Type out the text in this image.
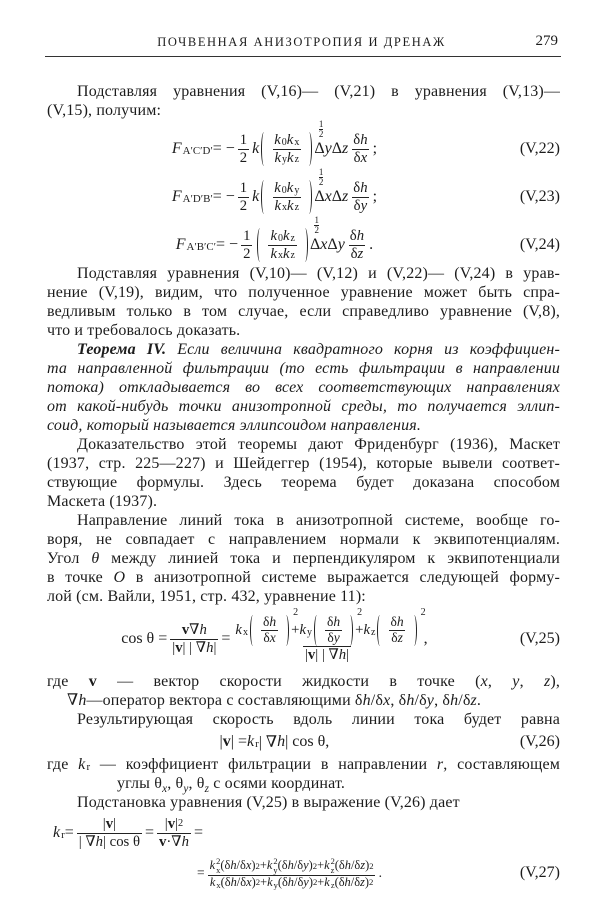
ПОЧВЕННАЯ АНИЗОТРОПИЯ И ДРЕНАЖ	279
Подставляя уравнения (V,16)— (V,21) в уравнения (V,13)—
(V,15), получим:
F A′C′D′ = − $\frac{1}{2}$ k $\frac{\text{k 0 k x}}{\text{k y k z}}$
$\frac{1}{2}$
Δ y Δ z $\frac{\text{δ h}}{\text{δ x}}$ ;	(V,22)
F A′D′B′ = − $\frac{1}{2}$ k $\frac{\text{k 0 k y}}{\text{k x k z}}$
$\frac{1}{2}$
Δ x Δ z $\frac{\text{δ h}}{\text{δ y}}$ ;	(V,23)
F A′B′C′ = − $\frac{1}{2} \frac{\text{k 0 k z}}{\text{k x k z}}$
$\frac{1}{2}$
Δ x Δ y $\frac{\text{δ h}}{\text{δ z}}$ .	(V,24)
Подставляя уравнения (V,10)— (V,12) и (V,22)— (V,24) в урав-
нение (V,19), видим, что полученное уравнение может быть спра-
ведливым только в том случае, если справедливо уравнение (V,8),
что и требовалось доказать.
Теорема IV. Если величина квадратного корня из коэффициен-
та направленной фильтрации (то есть фильтрации в направлении
потока) откладывается во всех соответствующих направлениях
от какой-нибудь точки анизотропной среды, то получается эллип-
соид, который называется эллипсоидом направления.
Доказательство этой теоремы дают Фриденбург (1936), Маскет
(1937, стр. 225—227) и Шейдеггер (1954), которые вывели соответ-
ствующие формулы. Здесь теорема будет доказана способом
Маскета (1937).
Направление линий тока в анизотропной системе, вообще го-
воря, не совпадает с направлением нормали к эквипотенциалям.
Угол θ между линией тока и перпендикуляром к эквипотенциали
в точке O в анизотропной системе выражается следующей форму-
лой (см. Вайли, 1951, стр. 432, уравнение 11):
$\cos \theta = \frac{v \nabla h}{| v | | \nabla h |} = k$ x $\frac{\text{δ h}}{\text{δ x}}$
2
+ k y $\frac{\text{δ h}}{\text{δ y}}$
2
+ k z $\frac{\text{δ h}}{\text{δ z}}$
2
| v | | ∇ h | ,	(V,25)
где v — вектор скорости жидкости в точке (x, y, z),
∇h—оператор вектора с составляющими δh/δx, δh/δy, δh/δz.
Результирующая скорость вдоль линии тока будет равна
| v | = k r | ∇ h | cos θ,	(V,26)
где k r — коэффициент фильтрации в направлении r, составляющем
углы $\theta_x$, $\theta_y$, $\theta_z$ с осями координат.
Подстановка уравнения (V,25) в выражение (V,26) дает
k $r = \frac{| v |}{\text{| ∇ h | cos θ}} = \frac{| v | 2}{v \cdot\nabla h}$ =
= k 2
x (δ h /δ x ) 2 + k 2
y (δ h /δ y ) 2 + k 2
z (δ h /δ z ) 2
k x (δ h /δ x ) 2 + k y (δ h /δ y ) 2 + k z (δ h /δ z ) 2 .	(V,27)
